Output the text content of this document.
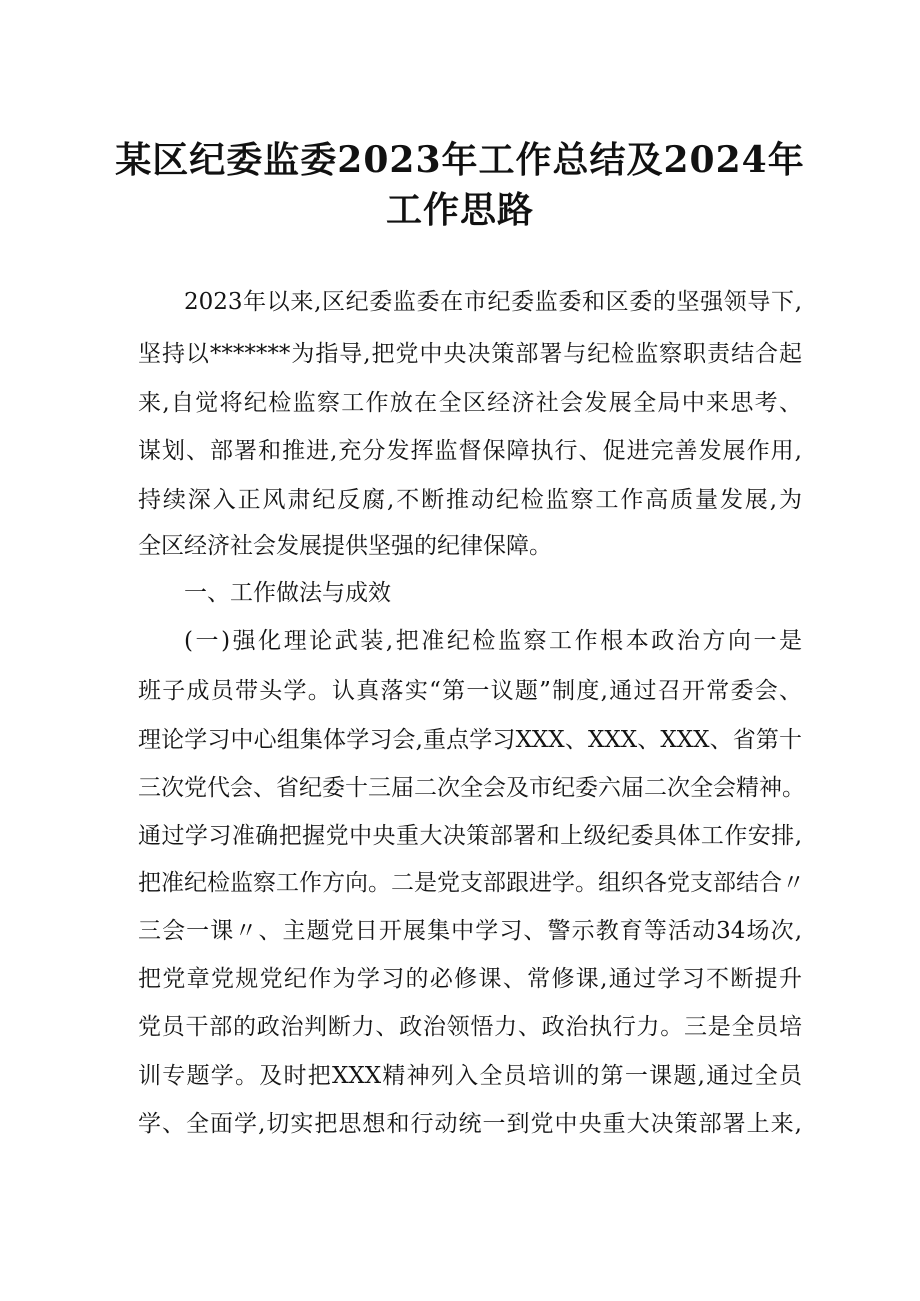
某区纪委监委2023年工作总结及2024年
工作思路
2023年以来,区纪委监委在市纪委监委和区委的坚强领导下,
坚持以*******为指导,把党中央决策部署与纪检监察职责结合起
来,自觉将纪检监察工作放在全区经济社会发展全局中来思考、
谋划、部署和推进,充分发挥监督保障执行、促进完善发展作用,
持续深入正风肃纪反腐,不断推动纪检监察工作高质量发展,为
全区经济社会发展提供坚强的纪律保障。
一、工作做法与成效
(一)强化理论武装,把准纪检监察工作根本政治方向一是
班子成员带头学。认真落实“第一议题”制度,通过召开常委会、
理论学习中心组集体学习会,重点学习XXX、XXX、XXX、省第十
三次党代会、省纪委十三届二次全会及市纪委六届二次全会精神。
通过学习准确把握党中央重大决策部署和上级纪委具体工作安排,
把准纪检监察工作方向。二是党支部跟进学。组织各党支部结合〃
三会一课〃、主题党日开展集中学习、警示教育等活动34场次,
把党章党规党纪作为学习的必修课、常修课,通过学习不断提升
党员干部的政治判断力、政治领悟力、政治执行力。三是全员培
训专题学。及时把XXX精神列入全员培训的第一课题,通过全员
学、全面学,切实把思想和行动统一到党中央重大决策部署上来,
